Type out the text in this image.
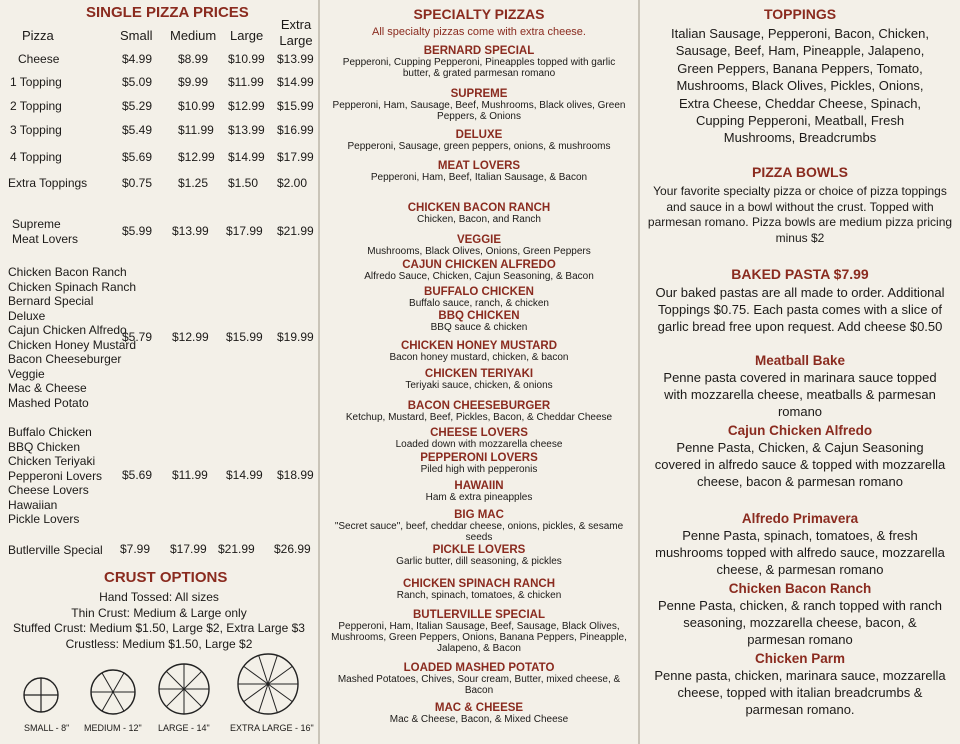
SINGLE PIZZA PRICES
Pizza	Small Medium Large
Extra Large
Cheese	$4.99 $8.99 $10.99 $13.99
1 Topping	$5.09 $9.99 $11.99 $14.99
2 Topping	$5.29 $10.99 $12.99 $15.99
3 Topping	$5.49 $11.99 $13.99 $16.99
4 Topping	$5.69 $12.99 $14.99 $17.99
Extra Toppings	$0.75 $1.25 $1.50 $2.00
Supreme
Meat Lovers
$5.99 $13.99 $17.99 $21.99
Chicken Bacon Ranch
Chicken Spinach Ranch
Bernard Special
Deluxe
Cajun Chicken Alfredo
Chicken Honey Mustard
Bacon Cheeseburger
Veggie
Mac & Cheese
Mashed Potato
$5.79 $12.99 $15.99 $19.99
Buffalo Chicken
BBQ Chicken
Chicken Teriyaki
Pepperoni Lovers
Cheese Lovers
Hawaiian
Pickle Lovers
$5.69 $11.99 $14.99 $18.99
Butlerville Special $7.99 $17.99 $21.99 $26.99
CRUST OPTIONS
Hand Tossed: All sizes
Thin Crust: Medium & Large only
Stuffed Crust: Medium $1.50, Large $2, Extra Large $3
Crustless: Medium $1.50, Large $2
SMALL - 8" MEDIUM - 12" LARGE - 14" EXTRA LARGE - 16"
SPECIALTY PIZZAS
All specialty pizzas come with extra cheese.
BERNARD SPECIAL
Pepperoni, Cupping Pepperoni, Pineapples topped with garlic butter, & grated parmesan romano
SUPREME
Pepperoni, Ham, Sausage, Beef, Mushrooms, Black olives, Green Peppers, & Onions
DELUXE
Pepperoni, Sausage, green peppers, onions, & mushrooms
MEAT LOVERS
Pepperoni, Ham, Beef, Italian Sausage, & Bacon
CHICKEN BACON RANCH
Chicken, Bacon, and Ranch
VEGGIE
Mushrooms, Black Olives, Onions, Green Peppers
CAJUN CHICKEN ALFREDO
Alfredo Sauce, Chicken, Cajun Seasoning, & Bacon
BUFFALO CHICKEN
Buffalo sauce, ranch, & chicken
BBQ CHICKEN
BBQ sauce & chicken
CHICKEN HONEY MUSTARD
Bacon honey mustard, chicken, & bacon
CHICKEN TERIYAKI
Teriyaki sauce, chicken, & onions
BACON CHEESEBURGER
Ketchup, Mustard, Beef, Pickles, Bacon, & Cheddar Cheese
CHEESE LOVERS
Loaded down with mozzarella cheese
PEPPERONI LOVERS
Piled high with pepperonis
HAWAIIN
Ham & extra pineapples
BIG MAC
"Secret sauce", beef, cheddar cheese, onions, pickles, & sesame seeds
PICKLE LOVERS
Garlic butter, dill seasoning, & pickles
CHICKEN SPINACH RANCH
Ranch, spinach, tomatoes, & chicken
BUTLERVILLE SPECIAL
Pepperoni, Ham, Italian Sausage, Beef, Sausage, Black Olives, Mushrooms, Green Peppers, Onions, Banana Peppers, Pineapple, Jalapeno, & Bacon
LOADED MASHED POTATO
Mashed Potatoes, Chives, Sour cream, Butter, mixed cheese, & Bacon
MAC & CHEESE
Mac & Cheese, Bacon, & Mixed Cheese
TOPPINGS
Italian Sausage, Pepperoni, Bacon, Chicken, Sausage, Beef, Ham, Pineapple, Jalapeno, Green Peppers, Banana Peppers, Tomato, Mushrooms, Black Olives, Pickles, Onions, Extra Cheese, Cheddar Cheese, Spinach, Cupping Pepperoni, Meatball, Fresh Mushrooms, Breadcrumbs
PIZZA BOWLS
Your favorite specialty pizza or choice of pizza toppings and sauce in a bowl without the crust. Topped with parmesan romano. Pizza bowls are medium pizza pricing minus $2
BAKED PASTA $7.99
Our baked pastas are all made to order. Additional Toppings $0.75. Each pasta comes with a slice of garlic bread free upon request. Add cheese $0.50
Meatball Bake
Penne pasta covered in marinara sauce topped with mozzarella cheese, meatballs & parmesan romano
Cajun Chicken Alfredo
Penne Pasta, Chicken, & Cajun Seasoning covered in alfredo sauce & topped with mozzarella cheese, bacon & parmesan romano
Alfredo Primavera
Penne Pasta, spinach, tomatoes, & fresh mushrooms topped with alfredo sauce, mozzarella cheese, & parmesan romano
Chicken Bacon Ranch
Penne Pasta, chicken, & ranch topped with ranch seasoning, mozzarella cheese, bacon, & parmesan romano
Chicken Parm
Penne pasta, chicken, marinara sauce, mozzarella cheese, topped with italian breadcrumbs & parmesan romano.
